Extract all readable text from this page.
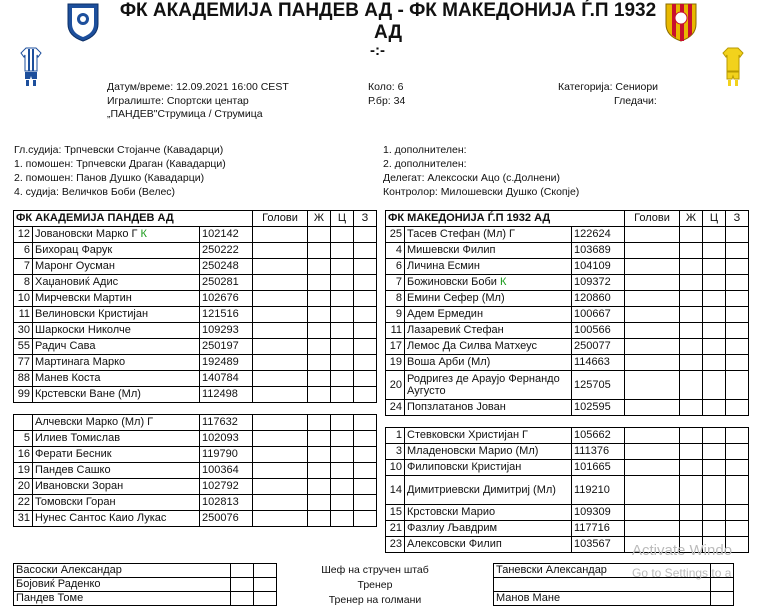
ФК АКАДЕМИЈА ПАНДЕВ АД - ФК МАКЕДОНИЈА Ѓ.П 1932 АД
-:-
Датум/време: 12.09.2021 16:00 CEST
Игралиште: Спортски центар
„ПАНДЕВ"Струмица / Струмица
Коло: 6
Р.бр: 34
Категорија: Сениори
Гледачи:
Гл.судија: Трпчевски Стојанче (Кавадарци)
1. помошен: Трпчевски Драган (Кавадарци)
2. помошен: Панов Душко (Кавадарци)
4. судија: Величков Боби (Велес)
1. дополнителен:
2. дополнителен:
Делегат: Алексоски Ацо (с.Долнени)
Контролор: Милошевски Душко (Скопје)
ФК АКАДЕМИЈА ПАНДЕВ АД			Голови	Ж	Ц	З
12	Јовановски Марко Г К	102142				
6	Бихорац Фарук	250222				
7	Маронг Оусман	250248				
8	Хаџановиќ Адис	250281				
10	Мирчевски Мартин	102676				
11	Велиновски Кристијан	121516				
30	Шаркоски Николче	109293				
55	Радич Сава	250197				
77	Мартинага Марко	192489				
88	Манев Коста	140784				
99	Крстевски Ване (Мл)	112498				
	Алчевски Марко (Мл) Г	117632				
5	Илиев Томислав	102093				
16	Ферати Бесник	119790				
19	Пандев Сашко	100364				
20	Ивановски Зоран	102792				
22	Томовски Горан	102813				
31	Нунес Сантос Каио Лукас	250076				
ФК МАКЕДОНИЈА Ѓ.П 1932 АД			Голови	Ж	Ц	З
25	Тасев Стефан (Мл) Г	122624				
4	Мишевски Филип	103689				
6	Личина Есмин	104109				
7	Божиновски Боби К	109372				
8	Емини Сефер (Мл)	120860				
9	Адем Ермедин	100667				
11	Лазаревиќ Стефан	100566				
17	Лемос Да Силва Матхеус	250077				
19	Воша Арби (Мл)	114663				
20	Родригез де Арауjo Фернандо Аугусто	125705				
24	Попзлатанов Јован	102595				
1	Стевковски Христијан Г	105662				
3	Младеновски Марио (Мл)	111376				
10	Филиповски Кристијан	101665				
14	Димитриевски Димитриј (Мл)	119210				
15	Крстовски Марио	109309				
21	Фазлиу Љавдрим	117716				
23	Алексовски Филип	103567				
Васоски Александар		
Бојовиќ Раденко		
Пандев Томе		
Шеф на стручен штаб
Тренер
Тренер на голмани
Таневски Александар	

Манов Мане	
Activate Windo
Go to Settings to a
